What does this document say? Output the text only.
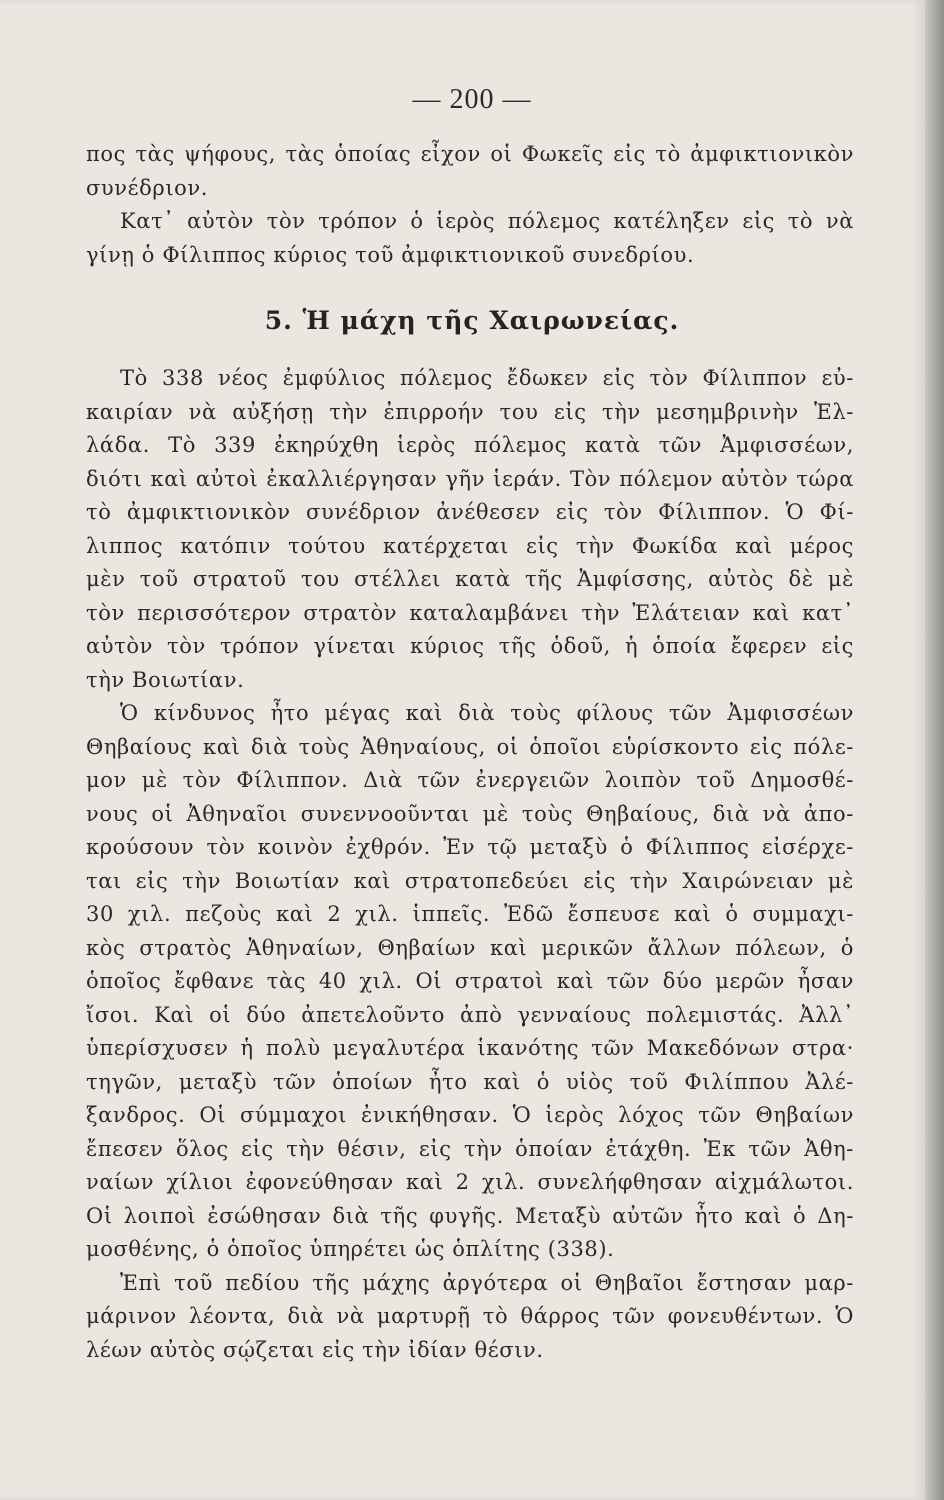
— 200 —
πος τὰς ψήφους, τὰς ὁποίας εἶχον οἱ Φωκεῖς εἰς τὸ ἀμφικτιονικὸν
συνέδριον.
Κατ᾿ αὐτὸν τὸν τρόπον ὁ ἱερὸς πόλεμος κατέληξεν εἰς τὸ νὰ
γίνῃ ὁ Φίλιππος κύριος τοῦ ἀμφικτιονικοῦ συνεδρίου.
5. Ἡ μάχη τῆς Χαιρωνείας.
Τὸ 338 νέος ἐμφύλιος πόλεμος ἔδωκεν εἰς τὸν Φίλιππον εὐ-
καιρίαν νὰ αὐξήσῃ τὴν ἐπιρροήν του εἰς τὴν μεσημβρινὴν Ἑλ-
λάδα. Τὸ 339 ἐκηρύχθη ἱερὸς πόλεμος κατὰ τῶν Ἀμφισσέων,
διότι καὶ αὐτοὶ ἐκαλλιέργησαν γῆν ἱεράν. Τὸν πόλεμον αὐτὸν τώρα
τὸ ἀμφικτιονικὸν συνέδριον ἀνέθεσεν εἰς τὸν Φίλιππον. Ὁ Φί-
λιππος κατόπιν τούτου κατέρχεται εἰς τὴν Φωκίδα καὶ μέρος
μὲν τοῦ στρατοῦ του στέλλει κατὰ τῆς Ἀμφίσσης, αὐτὸς δὲ μὲ
τὸν περισσότερον στρατὸν καταλαμβάνει τὴν Ἐλάτειαν καὶ κατ᾿
αὐτὸν τὸν τρόπον γίνεται κύριος τῆς ὁδοῦ, ἡ ὁποία ἔφερεν εἰς
τὴν Βοιωτίαν.
Ὁ κίνδυνος ἦτο μέγας καὶ διὰ τοὺς φίλους τῶν Ἀμφισσέων
Θηβαίους καὶ διὰ τοὺς Ἀθηναίους, οἱ ὁποῖοι εὑρίσκοντο εἰς πόλε-
μον μὲ τὸν Φίλιππον. Διὰ τῶν ἐνεργειῶν λοιπὸν τοῦ Δημοσθέ-
νους οἱ Ἀθηναῖοι συνεννοοῦνται μὲ τοὺς Θηβαίους, διὰ νὰ ἀπο-
κρούσουν τὸν κοινὸν ἐχθρόν. Ἐν τῷ μεταξὺ ὁ Φίλιππος εἰσέρχε-
ται εἰς τὴν Βοιωτίαν καὶ στρατοπεδεύει εἰς τὴν Χαιρώνειαν μὲ
30 χιλ. πεζοὺς καὶ 2 χιλ. ἱππεῖς. Ἐδῶ ἔσπευσε καὶ ὁ συμμαχι-
κὸς στρατὸς Ἀθηναίων, Θηβαίων καὶ μερικῶν ἄλλων πόλεων, ὁ
ὁποῖος ἔφθανε τὰς 40 χιλ. Οἱ στρατοὶ καὶ τῶν δύο μερῶν ἦσαν
ἴσοι. Καὶ οἱ δύο ἀπετελοῦντο ἀπὸ γενναίους πολεμιστάς. Ἀλλ᾿
ὑπερίσχυσεν ἡ πολὺ μεγαλυτέρα ἱκανότης τῶν Μακεδόνων στρα·
τηγῶν, μεταξὺ τῶν ὁποίων ἦτο καὶ ὁ υἱὸς τοῦ Φιλίππου Ἀλέ-
ξανδρος. Οἱ σύμμαχοι ἐνικήθησαν. Ὁ ἱερὸς λόχος τῶν Θηβαίων
ἔπεσεν ὅλος εἰς τὴν θέσιν, εἰς τὴν ὁποίαν ἐτάχθη. Ἐκ τῶν Ἀθη-
ναίων χίλιοι ἐφονεύθησαν καὶ 2 χιλ. συνελήφθησαν αἰχμάλωτοι.
Οἱ λοιποὶ ἐσώθησαν διὰ τῆς φυγῆς. Μεταξὺ αὐτῶν ἦτο καὶ ὁ Δη-
μοσθένης, ὁ ὁποῖος ὑπηρέτει ὡς ὁπλίτης (338).
Ἐπὶ τοῦ πεδίου τῆς μάχης ἀργότερα οἱ Θηβαῖοι ἔστησαν μαρ-
μάρινον λέοντα, διὰ νὰ μαρτυρῇ τὸ θάρρος τῶν φονευθέντων. Ὁ
λέων αὐτὸς σῴζεται εἰς τὴν ἰδίαν θέσιν.
